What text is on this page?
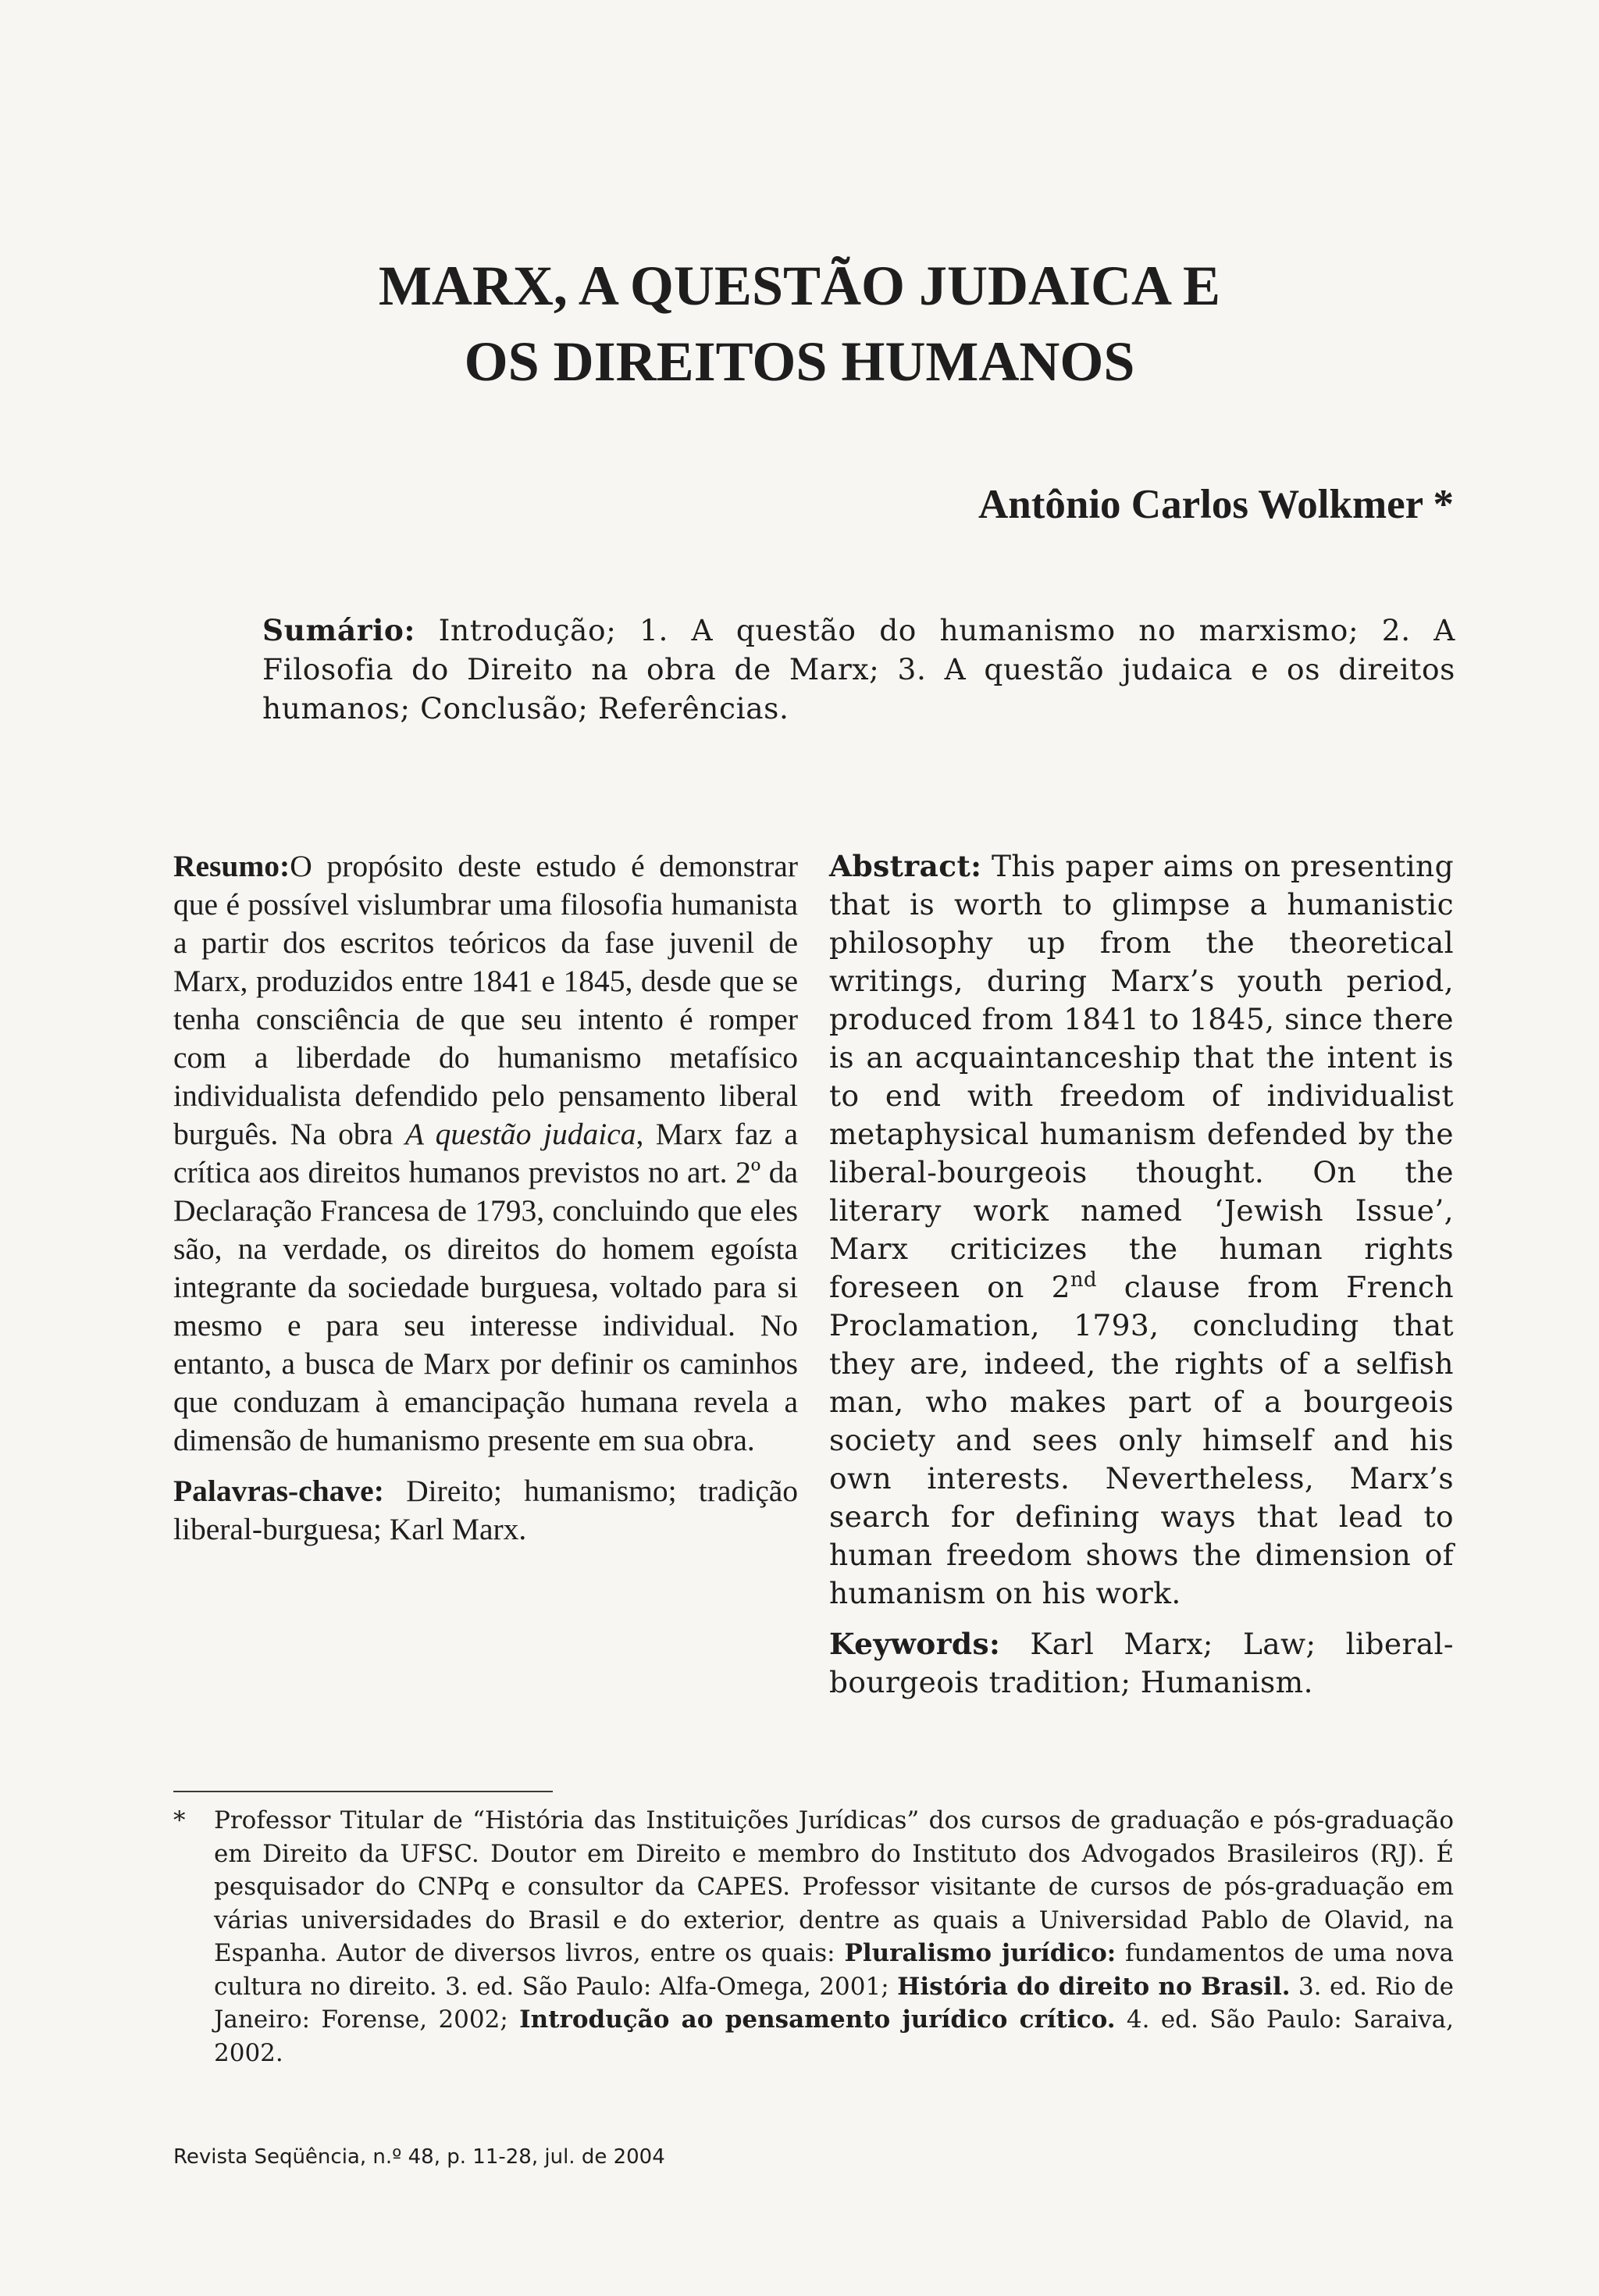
MARX, A QUESTÃO JUDAICA E
OS DIREITOS HUMANOS
Antônio Carlos Wolkmer *
Sumário: Introdução; 1. A questão do humanismo no marxismo; 2. A Filosofia do Direito na obra de Marx; 3. A questão judaica e os direitos humanos; Conclusão; Referências.

Resumo:O propósito deste estudo é demonstrar que é possível vislumbrar uma filosofia humanista a partir dos escritos teóricos da fase juvenil de Marx, produzidos entre 1841 e 1845, desde que se tenha consciência de que seu intento é romper com a liberdade do humanismo metafísico individualista defendido pelo pensamento liberal burguês. Na obra A questão judaica, Marx faz a crítica aos direitos humanos previstos no art. 2º da Declaração Francesa de 1793, concluindo que eles são, na verdade, os direitos do homem egoísta integrante da sociedade burguesa, voltado para si mesmo e para seu interesse individual. No entanto, a busca de Marx por definir os caminhos que conduzam à emancipação humana revela a dimensão de humanismo presente em sua obra.

Palavras-chave: Direito; humanismo; tradição liberal-burguesa; Karl Marx.

Abstract: This paper aims on presenting that is worth to glimpse a humanistic philosophy up from the theoretical writings, during Marx’s youth period, produced from 1841 to 1845, since there is an acquaintanceship that the intent is to end with freedom of individualist metaphysical humanism defended by the liberal-bourgeois thought. On the literary work named ‘Jewish Issue’, Marx criticizes the human rights foreseen on 2nd clause from French Proclamation, 1793, concluding that they are, indeed, the rights of a selfish man, who makes part of a bourgeois society and sees only himself and his own interests. Nevertheless, Marx’s search for defining ways that lead to human freedom shows the dimension of humanism on his work.

Keywords: Karl Marx; Law; liberal-bourgeois tradition; Humanism.

* Professor Titular de “História das Instituições Jurídicas” dos cursos de graduação e pós-graduação em Direito da UFSC. Doutor em Direito e membro do Instituto dos Advogados Brasileiros (RJ). É pesquisador do CNPq e consultor da CAPES. Professor visitante de cursos de pós-graduação em várias universidades do Brasil e do exterior, dentre as quais a Universidad Pablo de Olavid, na Espanha. Autor de diversos livros, entre os quais: Pluralismo jurídico: fundamentos de uma nova cultura no direito. 3. ed. São Paulo: Alfa-Omega, 2001; História do direito no Brasil. 3. ed. Rio de Janeiro: Forense, 2002; Introdução ao pensamento jurídico crítico. 4. ed. São Paulo: Saraiva, 2002.
Revista Seqüência, n.º 48, p. 11-28, jul. de 2004
